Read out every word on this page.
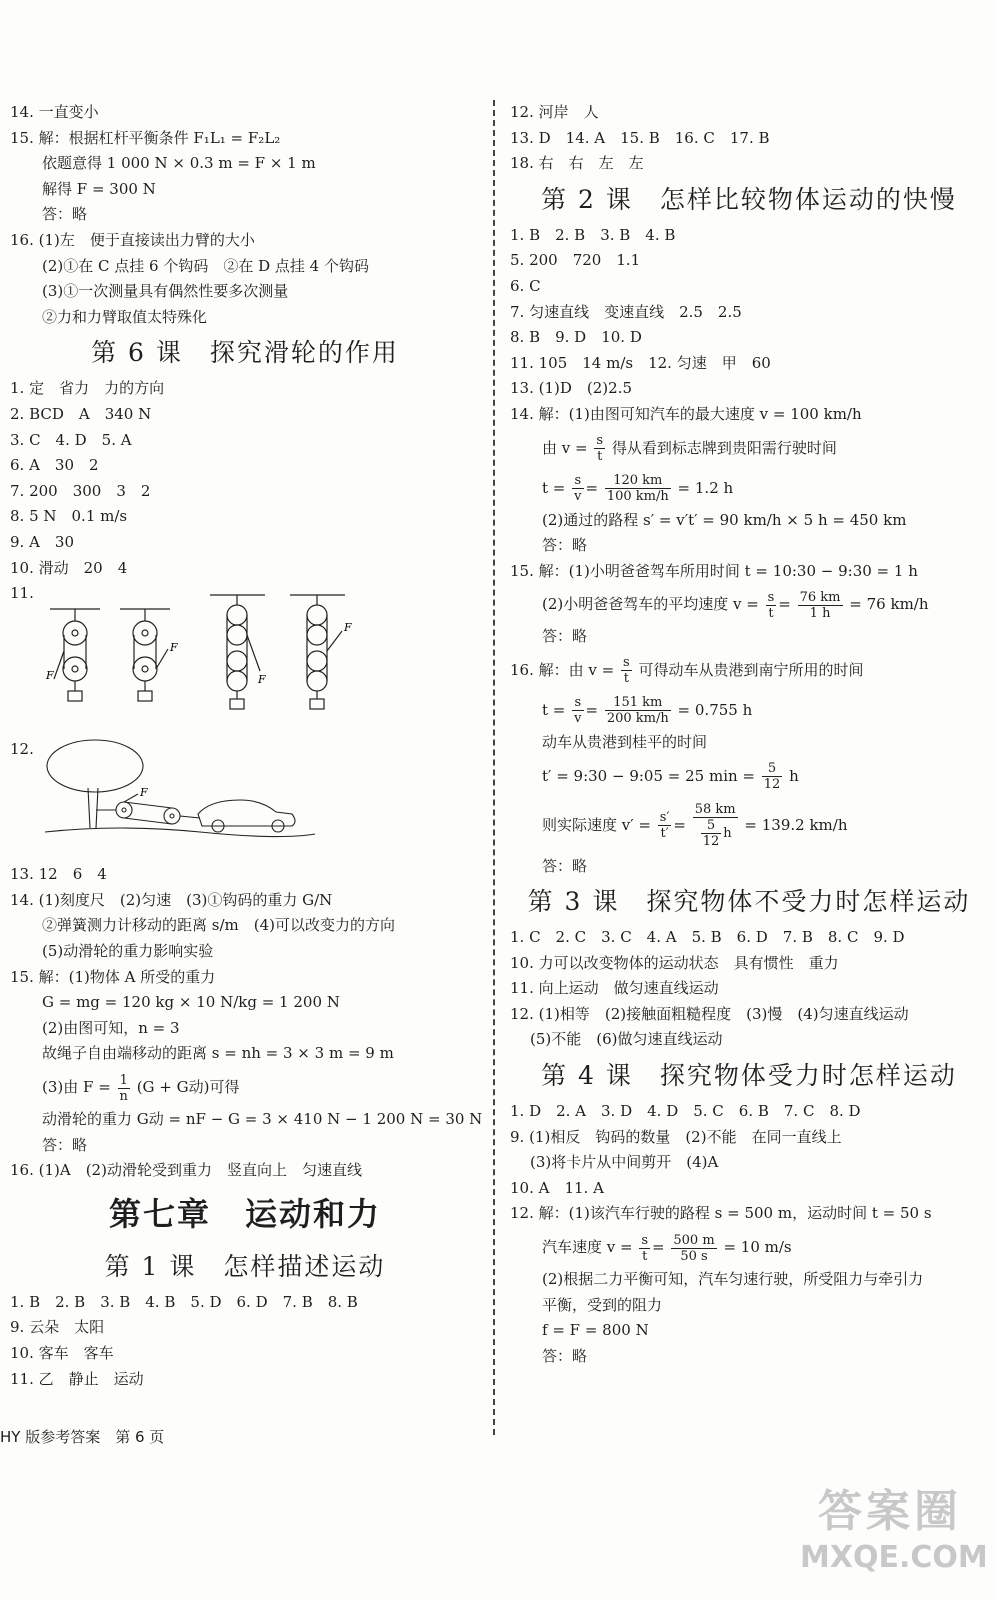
14. 一直变小
15. 解：根据杠杆平衡条件 F₁L₁ = F₂L₂
依题意得 1 000 N × 0.3 m = F × 1 m
解得 F = 300 N
答：略
16. (1)左　便于直接读出力臂的大小
(2)①在 C 点挂 6 个钩码　②在 D 点挂 4 个钩码
(3)①一次测量具有偶然性要多次测量
②力和力臂取值太特殊化
第 6 课　探究滑轮的作用
1. 定　省力　力的方向
2. BCD　A　340 N
3. C　4. D　5. A
6. A　30　2
7. 200　300　3　2
8. 5 N　0.1 m/s
9. A　30
10. 滑动　20　4
11.
F
F
F
F
12.
F
13. 12　6　4
14. (1)刻度尺　(2)匀速　(3)①钩码的重力 G/N
②弹簧测力计移动的距离 s/m　(4)可以改变力的方向
(5)动滑轮的重力影响实验
15. 解：(1)物体 A 所受的重力
G = mg = 120 kg × 10 N/kg = 1 200 N
(2)由图可知，n = 3
故绳子自由端移动的距离 s = nh = 3 × 3 m = 9 m
(3)由 $F = \frac{1}{n} (G + G$动)可得
动滑轮的重力 G动 = nF − G = 3 × 410 N − 1 200 N = 30 N
答：略
16. (1)A　(2)动滑轮受到重力　竖直向上　匀速直线
第七章　运动和力
第 1 课　怎样描述运动
1. B　2. B　3. B　4. B　5. D　6. D　7. B　8. B
9. 云朵　太阳
10. 客车　客车
11. 乙　静止　运动
12. 河岸　人
13. D　14. A　15. B　16. C　17. B
18. 右　右　左　左
第 2 课　怎样比较物体运动的快慢
1. B　2. B　3. B　4. B
5. 200　720　1.1
6. C
7. 匀速直线　变速直线　2.5　2.5
8. B　9. D　10. D
11. 105　14 m/s　12. 匀速　甲　60
13. (1)D　(2)2.5
14. 解：(1)由图可知汽车的最大速度 v = 100 km/h
由 $v = \frac{s}{t}$ 得从看到标志牌到贵阳需行驶时间
$t = \frac{s}{v} = \frac{120 km}{100 km/h} = 1.2$ h
(2)通过的路程 s′ = v′t′ = 90 km/h × 5 h = 450 km
答：略
15. 解：(1)小明爸爸驾车所用时间 t = 10:30 − 9:30 = 1 h
(2)小明爸爸驾车的平均速度 $v = \frac{s}{t} = \frac{76 km}{1 h} = 76$ km/h
答：略
16. 解：由 $v = \frac{s}{t}$ 可得动车从贵港到南宁所用的时间
$t = \frac{s}{v} = \frac{151 km}{200 km/h} = 0.755$ h
动车从贵港到桂平的时间
t′ = 9:30 − 9:05 = 25 $\min = \frac{5}{12}$ h
则实际速度 $v' = \frac{s'}{t'} = \frac{58 km}{\frac{5}{12} h} = 139.2$ km/h
答：略
第 3 课　探究物体不受力时怎样运动
1. C　2. C　3. C　4. A　5. B　6. D　7. B　8. C　9. D
10. 力可以改变物体的运动状态　具有惯性　重力
11. 向上运动　做匀速直线运动
12. (1)相等　(2)接触面粗糙程度　(3)慢　(4)匀速直线运动
(5)不能　(6)做匀速直线运动
第 4 课　探究物体受力时怎样运动
1. D　2. A　3. D　4. D　5. C　6. B　7. C　8. D
9. (1)相反　钩码的数量　(2)不能　在同一直线上
(3)将卡片从中间剪开　(4)A
10. A　11. A
12. 解：(1)该汽车行驶的路程 s = 500 m，运动时间 t = 50 s
汽车速度 $v = \frac{s}{t} = \frac{500 m}{50 s} = 10$ m/s
(2)根据二力平衡可知，汽车匀速行驶，所受阻力与牵引力
平衡，受到的阻力
f = F = 800 N
答：略
HY 版参考答案　第 6 页
答案圈
MXQE.COM
